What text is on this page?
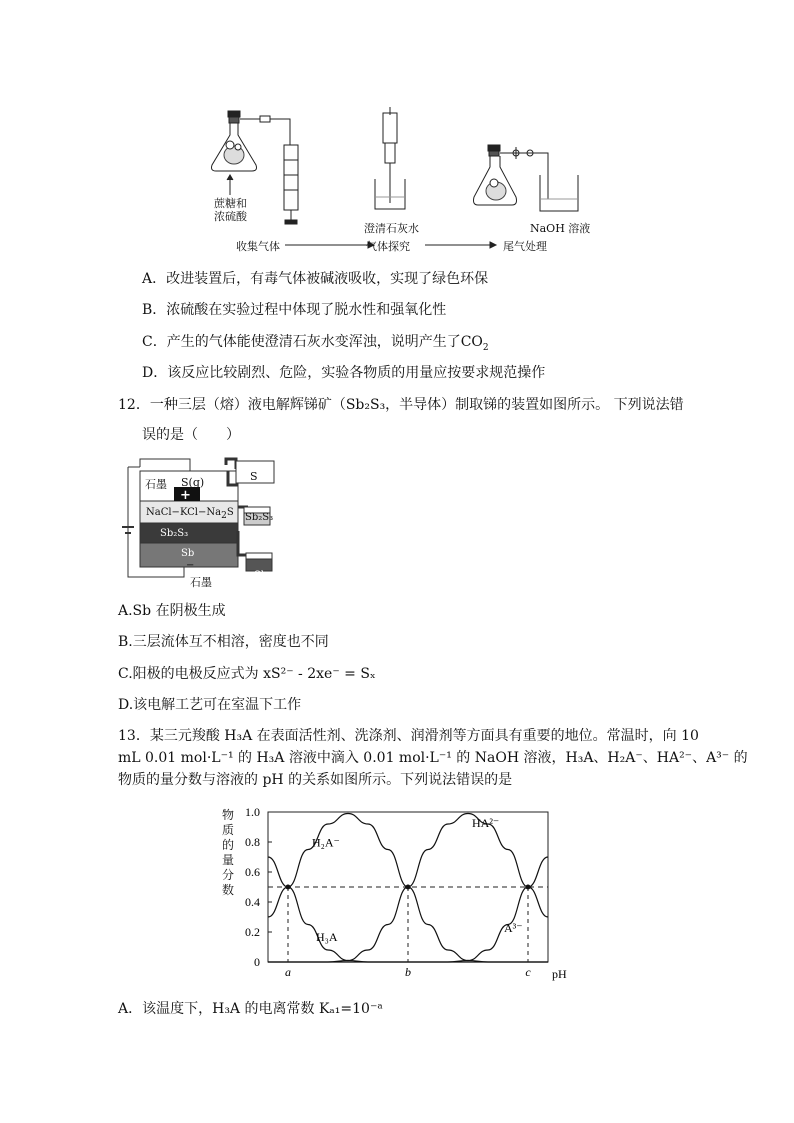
蔗糖和
浓硫酸
澄清石灰水	NaOH 溶液
收集气体	气体探究	尾气处理
A．改进装置后，有毒气体被碱液吸收，实现了绿色环保
B．浓硫酸在实验过程中体现了脱水性和强氧化性
C．产生的气体能使澄清石灰水变浑浊，说明产生了$CO_2$
D．该反应比较剧烈、危险，实验各物质的用量应按要求规范操作
12．一种三层（熔）液电解辉锑矿（Sb₂S₃，半导体）制取锑的装置如图所示。 下列说法错
误的是（　　）
石墨 S(g)
+
$NaCl-KCl-Na_2S$
Sb₂S₃
Sb
−
石墨
S
Sb₂S₃
Sb
A.Sb 在阴极生成
B.三层流体互不相溶，密度也不同
C.阳极的电极反应式为 xS²⁻ - 2xe⁻ = Sₓ
D.该电解工艺可在室温下工作
13．某三元羧酸 H₃A 在表面活性剂、洗涤剂、润滑剂等方面具有重要的地位。常温时，向 10
mL 0.01 mol·L⁻¹ 的 H₃A 溶液中滴入 0.01 mol·L⁻¹ 的 NaOH 溶液，H₃A、H₂A⁻、HA²⁻、A³⁻ 的
物质的量分数与溶液的 pH 的关系如图所示。下列说法错误的是
0
0.2
0.4
0.6
0.8
1.0
a	b	c pH
H₃A
H₂A⁻
HA²⁻
A³⁻
物质的量分数
A．该温度下，H₃A 的电离常数 Kₐ₁=10⁻ᵃ
